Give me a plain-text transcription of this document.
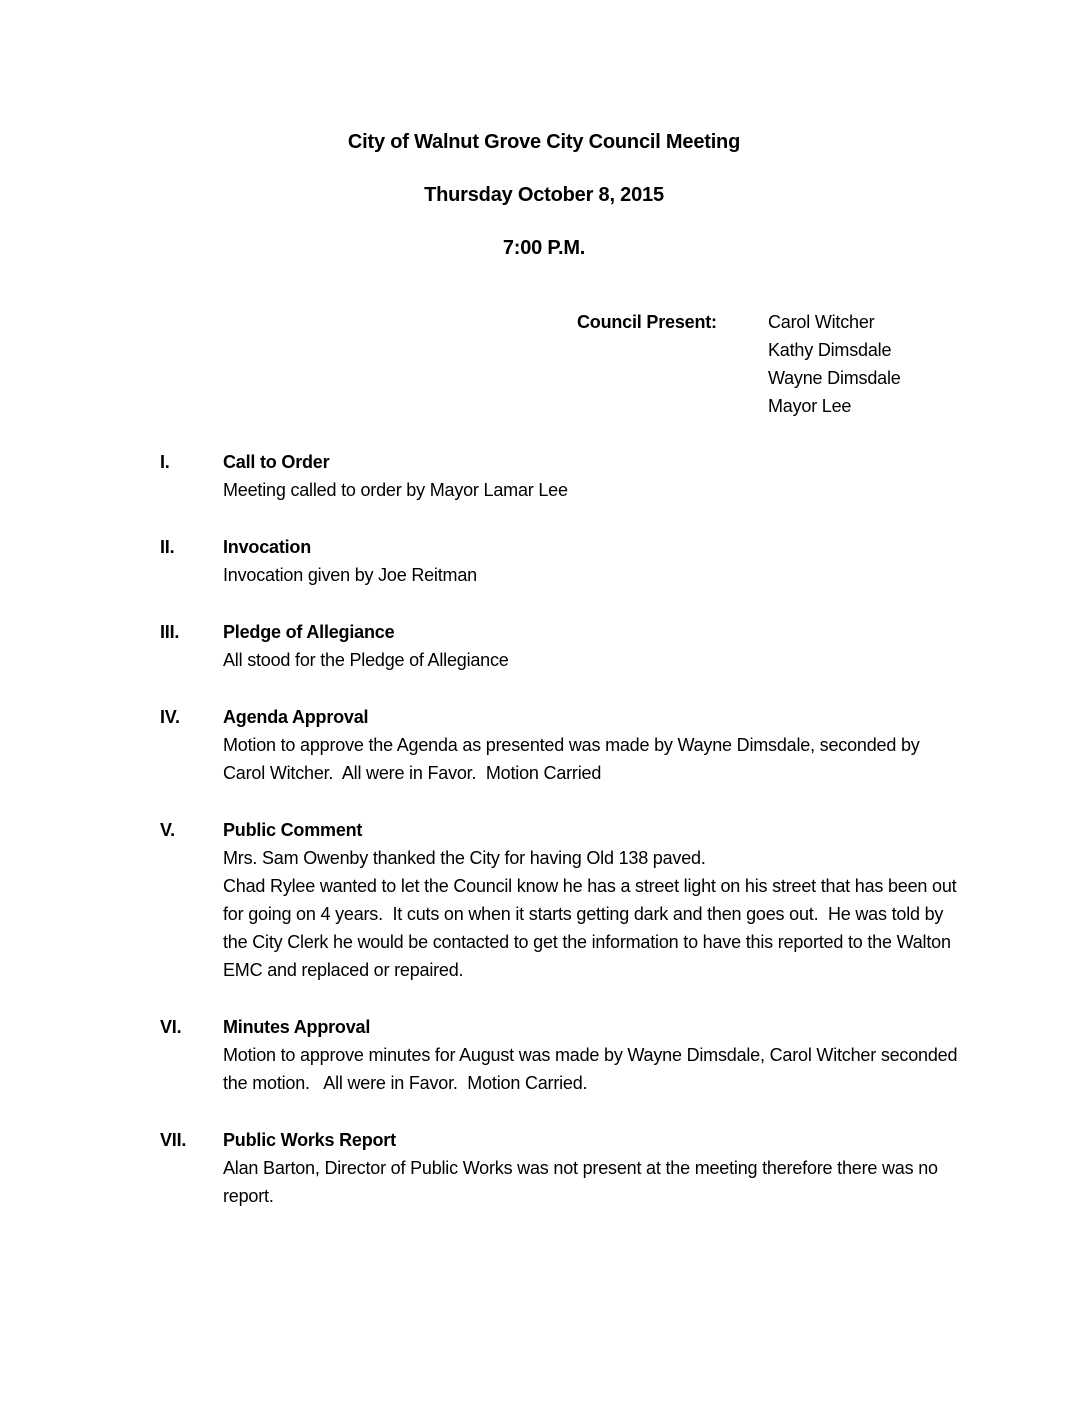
City of Walnut Grove City Council Meeting
Thursday October 8, 2015
7:00 P.M.
Council Present:	Carol Witcher
Kathy Dimsdale
Wayne Dimsdale
Mayor Lee
I.	Call to Order
Meeting called to order by Mayor Lamar Lee
II.	Invocation
Invocation given by Joe Reitman
III.	Pledge of Allegiance
All stood for the Pledge of Allegiance
IV.	Agenda Approval
Motion to approve the Agenda as presented was made by Wayne Dimsdale, seconded by
Carol Witcher.  All were in Favor.  Motion Carried
V.	Public Comment
Mrs. Sam Owenby thanked the City for having Old 138 paved.
Chad Rylee wanted to let the Council know he has a street light on his street that has been out
for going on 4 years.  It cuts on when it starts getting dark and then goes out.  He was told by
the City Clerk he would be contacted to get the information to have this reported to the Walton
EMC and replaced or repaired.
VI.	Minutes Approval
Motion to approve minutes for August was made by Wayne Dimsdale, Carol Witcher seconded
the motion.   All were in Favor.  Motion Carried.
VII.	Public Works Report
Alan Barton, Director of Public Works was not present at the meeting therefore there was no
report.
